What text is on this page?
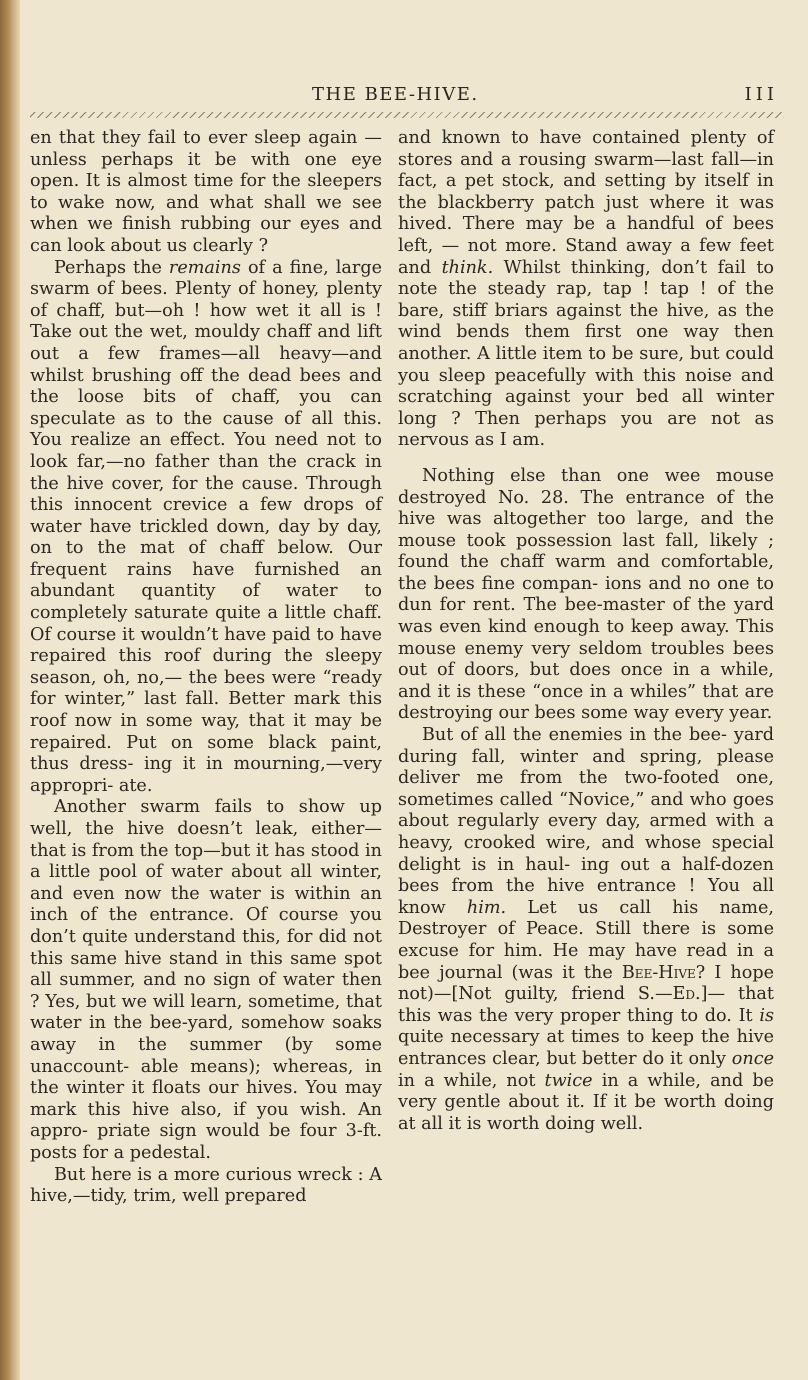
THE BEE-HIVE.	III

en that they fail to ever sleep again —unless perhaps it be with one eye open. It is almost time for the sleepers to wake now, and what shall we see when we finish rubbing our eyes and can look about us clearly ?

Perhaps the remains of a fine, large swarm of bees. Plenty of honey, plenty of chaff, but—oh ! how wet it all is ! Take out the wet, mouldy chaff and lift out a few frames—all heavy—and whilst brushing off the dead bees and the loose bits of chaff, you can speculate as to the cause of all this. You realize an effect. You need not to look far,—no father than the crack in the hive cover, for the cause. Through this innocent crevice a few drops of water have trickled down, day by day, on to the mat of chaff below. Our frequent rains have furnished an abundant quantity of water to completely saturate quite a little chaff. Of course it wouldn’t have paid to have repaired this roof during the sleepy season, oh, no,— the bees were “ready for winter,” last fall. Better mark this roof now in some way, that it may be repaired. Put on some black paint, thus dress- ing it in mourning,—very appropri- ate.

Another swarm fails to show up well, the hive doesn’t leak, either— that is from the top—but it has stood in a little pool of water about all winter, and even now the water is within an inch of the entrance. Of course you don’t quite understand this, for did not this same hive stand in this same spot all summer, and no sign of water then ? Yes, but we will learn, sometime, that water in the bee-yard, somehow soaks away in the summer (by some unaccount- able means); whereas, in the winter it floats our hives. You may mark this hive also, if you wish. An appro- priate sign would be four 3-ft. posts for a pedestal.

But here is a more curious wreck : A hive,—tidy, trim, well prepared

and known to have contained plenty of stores and a rousing swarm—last fall—in fact, a pet stock, and setting by itself in the blackberry patch just where it was hived. There may be a handful of bees left, — not more. Stand away a few feet and think. Whilst thinking, don’t fail to note the steady rap, tap ! tap ! of the bare, stiff briars against the hive, as the wind bends them first one way then another. A little item to be sure, but could you sleep peacefully with this noise and scratching against your bed all winter long ? Then perhaps you are not as nervous as I am.

Nothing else than one wee mouse destroyed No. 28. The entrance of the hive was altogether too large, and the mouse took possession last fall, likely ; found the chaff warm and comfortable, the bees fine compan- ions and no one to dun for rent. The bee-master of the yard was even kind enough to keep away. This mouse enemy very seldom troubles bees out of doors, but does once in a while, and it is these “once in a whiles” that are destroying our bees some way every year.

But of all the enemies in the bee- yard during fall, winter and spring, please deliver me from the two-footed one, sometimes called “Novice,” and who goes about regularly every day, armed with a heavy, crooked wire, and whose special delight is in haul- ing out a half-dozen bees from the hive entrance ! You all know him. Let us call his name, Destroyer of Peace. Still there is some excuse for him. He may have read in a bee journal (was it the Bee-Hive? I hope not)—[Not guilty, friend S.—Ed.]— that this was the very proper thing to do. It is quite necessary at times to keep the hive entrances clear, but better do it only once in a while, not twice in a while, and be very gentle about it. If it be worth doing at all it is worth doing well.
